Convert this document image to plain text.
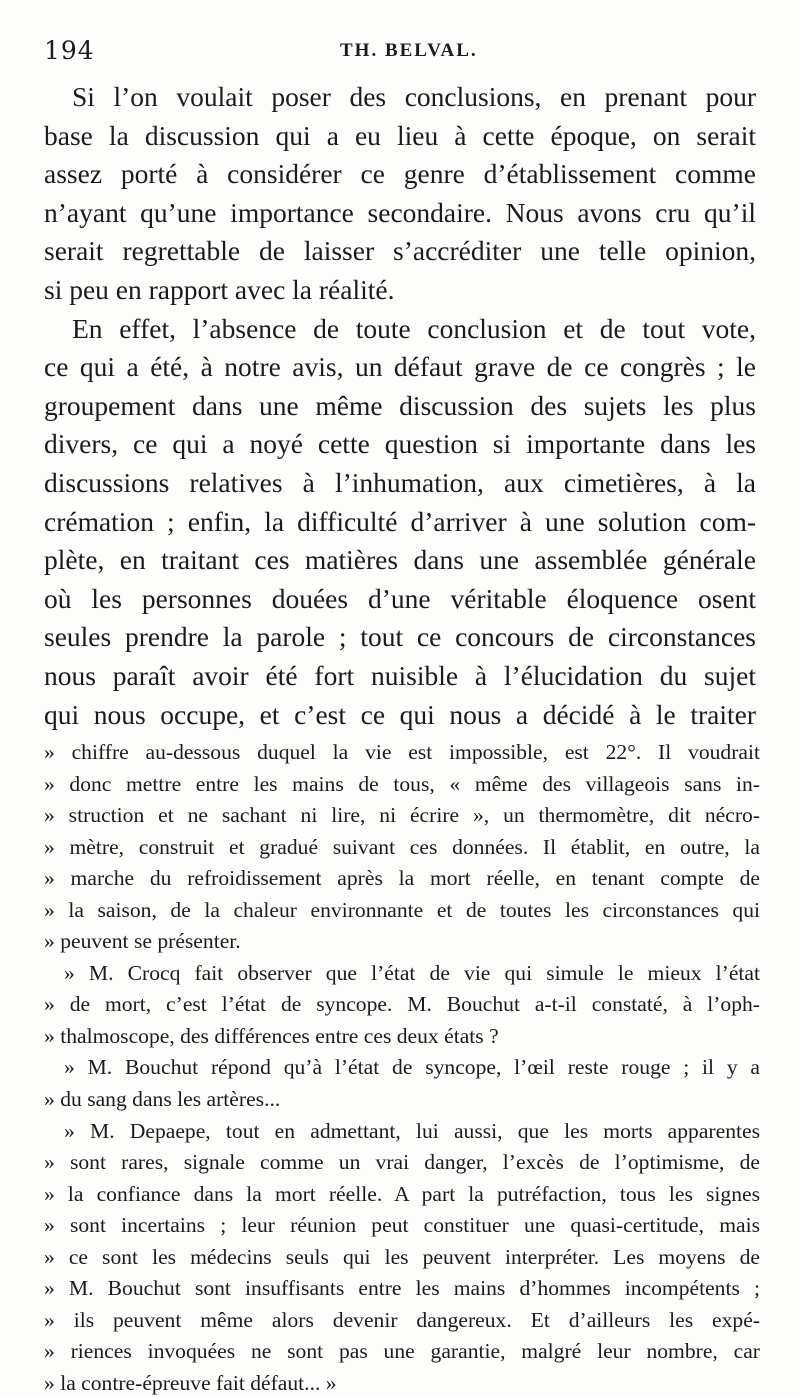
194	TH. BELVAL.
Si l’on voulait poser des conclusions, en prenant pour
base la discussion qui a eu lieu à cette époque, on serait
assez porté à considérer ce genre d’établissement comme
n’ayant qu’une importance secondaire. Nous avons cru qu’il
serait regrettable de laisser s’accréditer une telle opinion,
si peu en rapport avec la réalité.
En effet, l’absence de toute conclusion et de tout vote,
ce qui a été, à notre avis, un défaut grave de ce congrès ; le
groupement dans une même discussion des sujets les plus
divers, ce qui a noyé cette question si importante dans les
discussions relatives à l’inhumation, aux cimetières, à la
crémation ; enfin, la difficulté d’arriver à une solution com-
plète, en traitant ces matières dans une assemblée générale
où les personnes douées d’une véritable éloquence osent
seules prendre la parole ; tout ce concours de circonstances
nous paraît avoir été fort nuisible à l’élucidation du sujet
qui nous occupe, et c’est ce qui nous a décidé à le traiter
» chiffre au-dessous duquel la vie est impossible, est 22°. Il voudrait
» donc mettre entre les mains de tous, « même des villageois sans in-
» struction et ne sachant ni lire, ni écrire », un thermomètre, dit nécro-
» mètre, construit et gradué suivant ces données. Il établit, en outre, la
» marche du refroidissement après la mort réelle, en tenant compte de
» la saison, de la chaleur environnante et de toutes les circonstances qui
» peuvent se présenter.
» M. Crocq fait observer que l’état de vie qui simule le mieux l’état
» de mort, c’est l’état de syncope. M. Bouchut a-t-il constaté, à l’oph-
» thalmoscope, des différences entre ces deux états ?
» M. Bouchut répond qu’à l’état de syncope, l’œil reste rouge ; il y a
» du sang dans les artères...
» M. Depaepe, tout en admettant, lui aussi, que les morts apparentes
» sont rares, signale comme un vrai danger, l’excès de l’optimisme, de
» la confiance dans la mort réelle. A part la putréfaction, tous les signes
» sont incertains ; leur réunion peut constituer une quasi-certitude, mais
» ce sont les médecins seuls qui les peuvent interpréter. Les moyens de
» M. Bouchut sont insuffisants entre les mains d’hommes incompétents ;
» ils peuvent même alors devenir dangereux. Et d’ailleurs les expé-
» riences invoquées ne sont pas une garantie, malgré leur nombre, car
» la contre-épreuve fait défaut... »
